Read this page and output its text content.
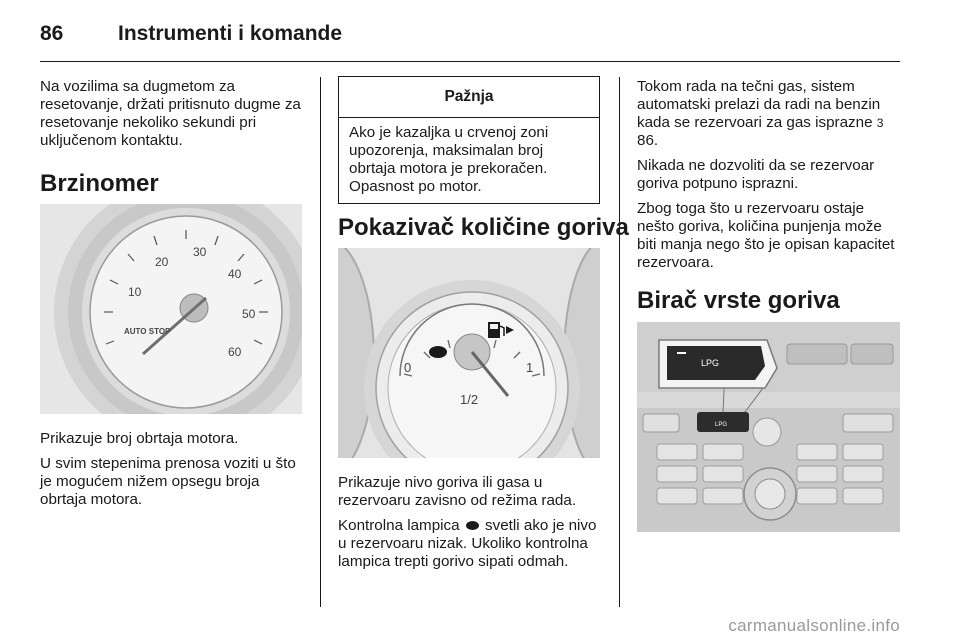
86	Instrumenti i komande

Na vozilima sa dugmetom za resetovanje, držati pritisnuto dugme za resetovanje nekoliko sekundi pri uključenom kontaktu.

Brzinomer
10
20
30
40
50
60
AUTO STOP

Prikazuje broj obrtaja motora.

U svim stepenima prenosa voziti u što je mogućem nižem opsegu broja obrtaja motora.

Pažnja
Ako je kazaljka u crvenoj zoni upozorenja, maksimalan broj obrtaja motora je prekoračen. Opasnost po motor.
Pokazivač količine goriva
0
1/2
1

Prikazuje nivo goriva ili gasa u rezervoaru zavisno od režima rada.

Kontrolna lampica svetli ako je nivo u rezervoaru nizak. Ukoliko kontrolna lampica trepti gorivo sipati odmah.

Tokom rada na tečni gas, sistem automatski prelazi da radi na benzin kada se rezervoari za gas isprazne 3 86.

Nikada ne dozvoliti da se rezervoar goriva potpuno isprazni.

Zbog toga što u rezervoaru ostaje nešto goriva, količina punjenja može biti manja nego što je opisan kapacitet rezervoara.

Birač vrste goriva
LPG
LPG
carmanualsonline.info
